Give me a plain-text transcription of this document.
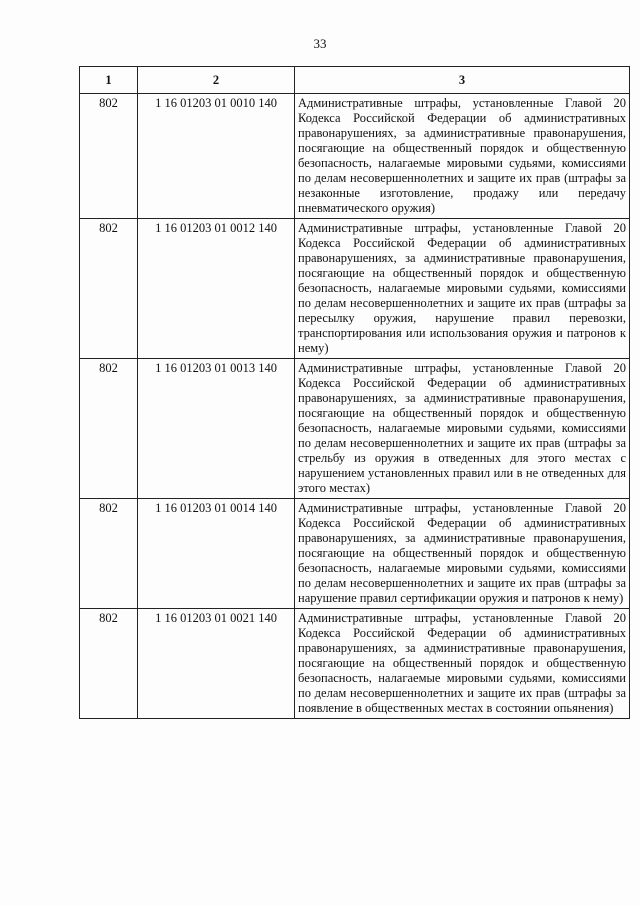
33
1	2	3
802	1 16 01203 01 0010 140	Административные штрафы, установленные Главой 20 Кодекса Российской Федерации об административных правонарушениях, за административные правонарушения, посягающие на общественный порядок и общественную безопасность, налагаемые мировыми судьями, комиссиями по делам несовершеннолетних и защите их прав (штрафы за незаконные изготовление, продажу или передачу пневматического оружия)
802	1 16 01203 01 0012 140	Административные штрафы, установленные Главой 20 Кодекса Российской Федерации об административных правонарушениях, за административные правонарушения, посягающие на общественный порядок и общественную безопасность, налагаемые мировыми судьями, комиссиями по делам несовершеннолетних и защите их прав (штрафы за пересылку оружия, нарушение правил перевозки, транспортирования или использования оружия и патронов к нему)
802	1 16 01203 01 0013 140	Административные штрафы, установленные Главой 20 Кодекса Российской Федерации об административных правонарушениях, за административные правонарушения, посягающие на общественный порядок и общественную безопасность, налагаемые мировыми судьями, комиссиями по делам несовершеннолетних и защите их прав (штрафы за стрельбу из оружия в отведенных для этого местах с нарушением установленных правил или в не отведенных для этого местах)
802	1 16 01203 01 0014 140	Административные штрафы, установленные Главой 20 Кодекса Российской Федерации об административных правонарушениях, за административные правонарушения, посягающие на общественный порядок и общественную безопасность, налагаемые мировыми судьями, комиссиями по делам несовершеннолетних и защите их прав (штрафы за нарушение правил сертификации оружия и патронов к нему)
802	1 16 01203 01 0021 140	Административные штрафы, установленные Главой 20 Кодекса Российской Федерации об административных правонарушениях, за административные правонарушения, посягающие на общественный порядок и общественную безопасность, налагаемые мировыми судьями, комиссиями по делам несовершеннолетних и защите их прав (штрафы за появление в общественных местах в состоянии опьянения)
